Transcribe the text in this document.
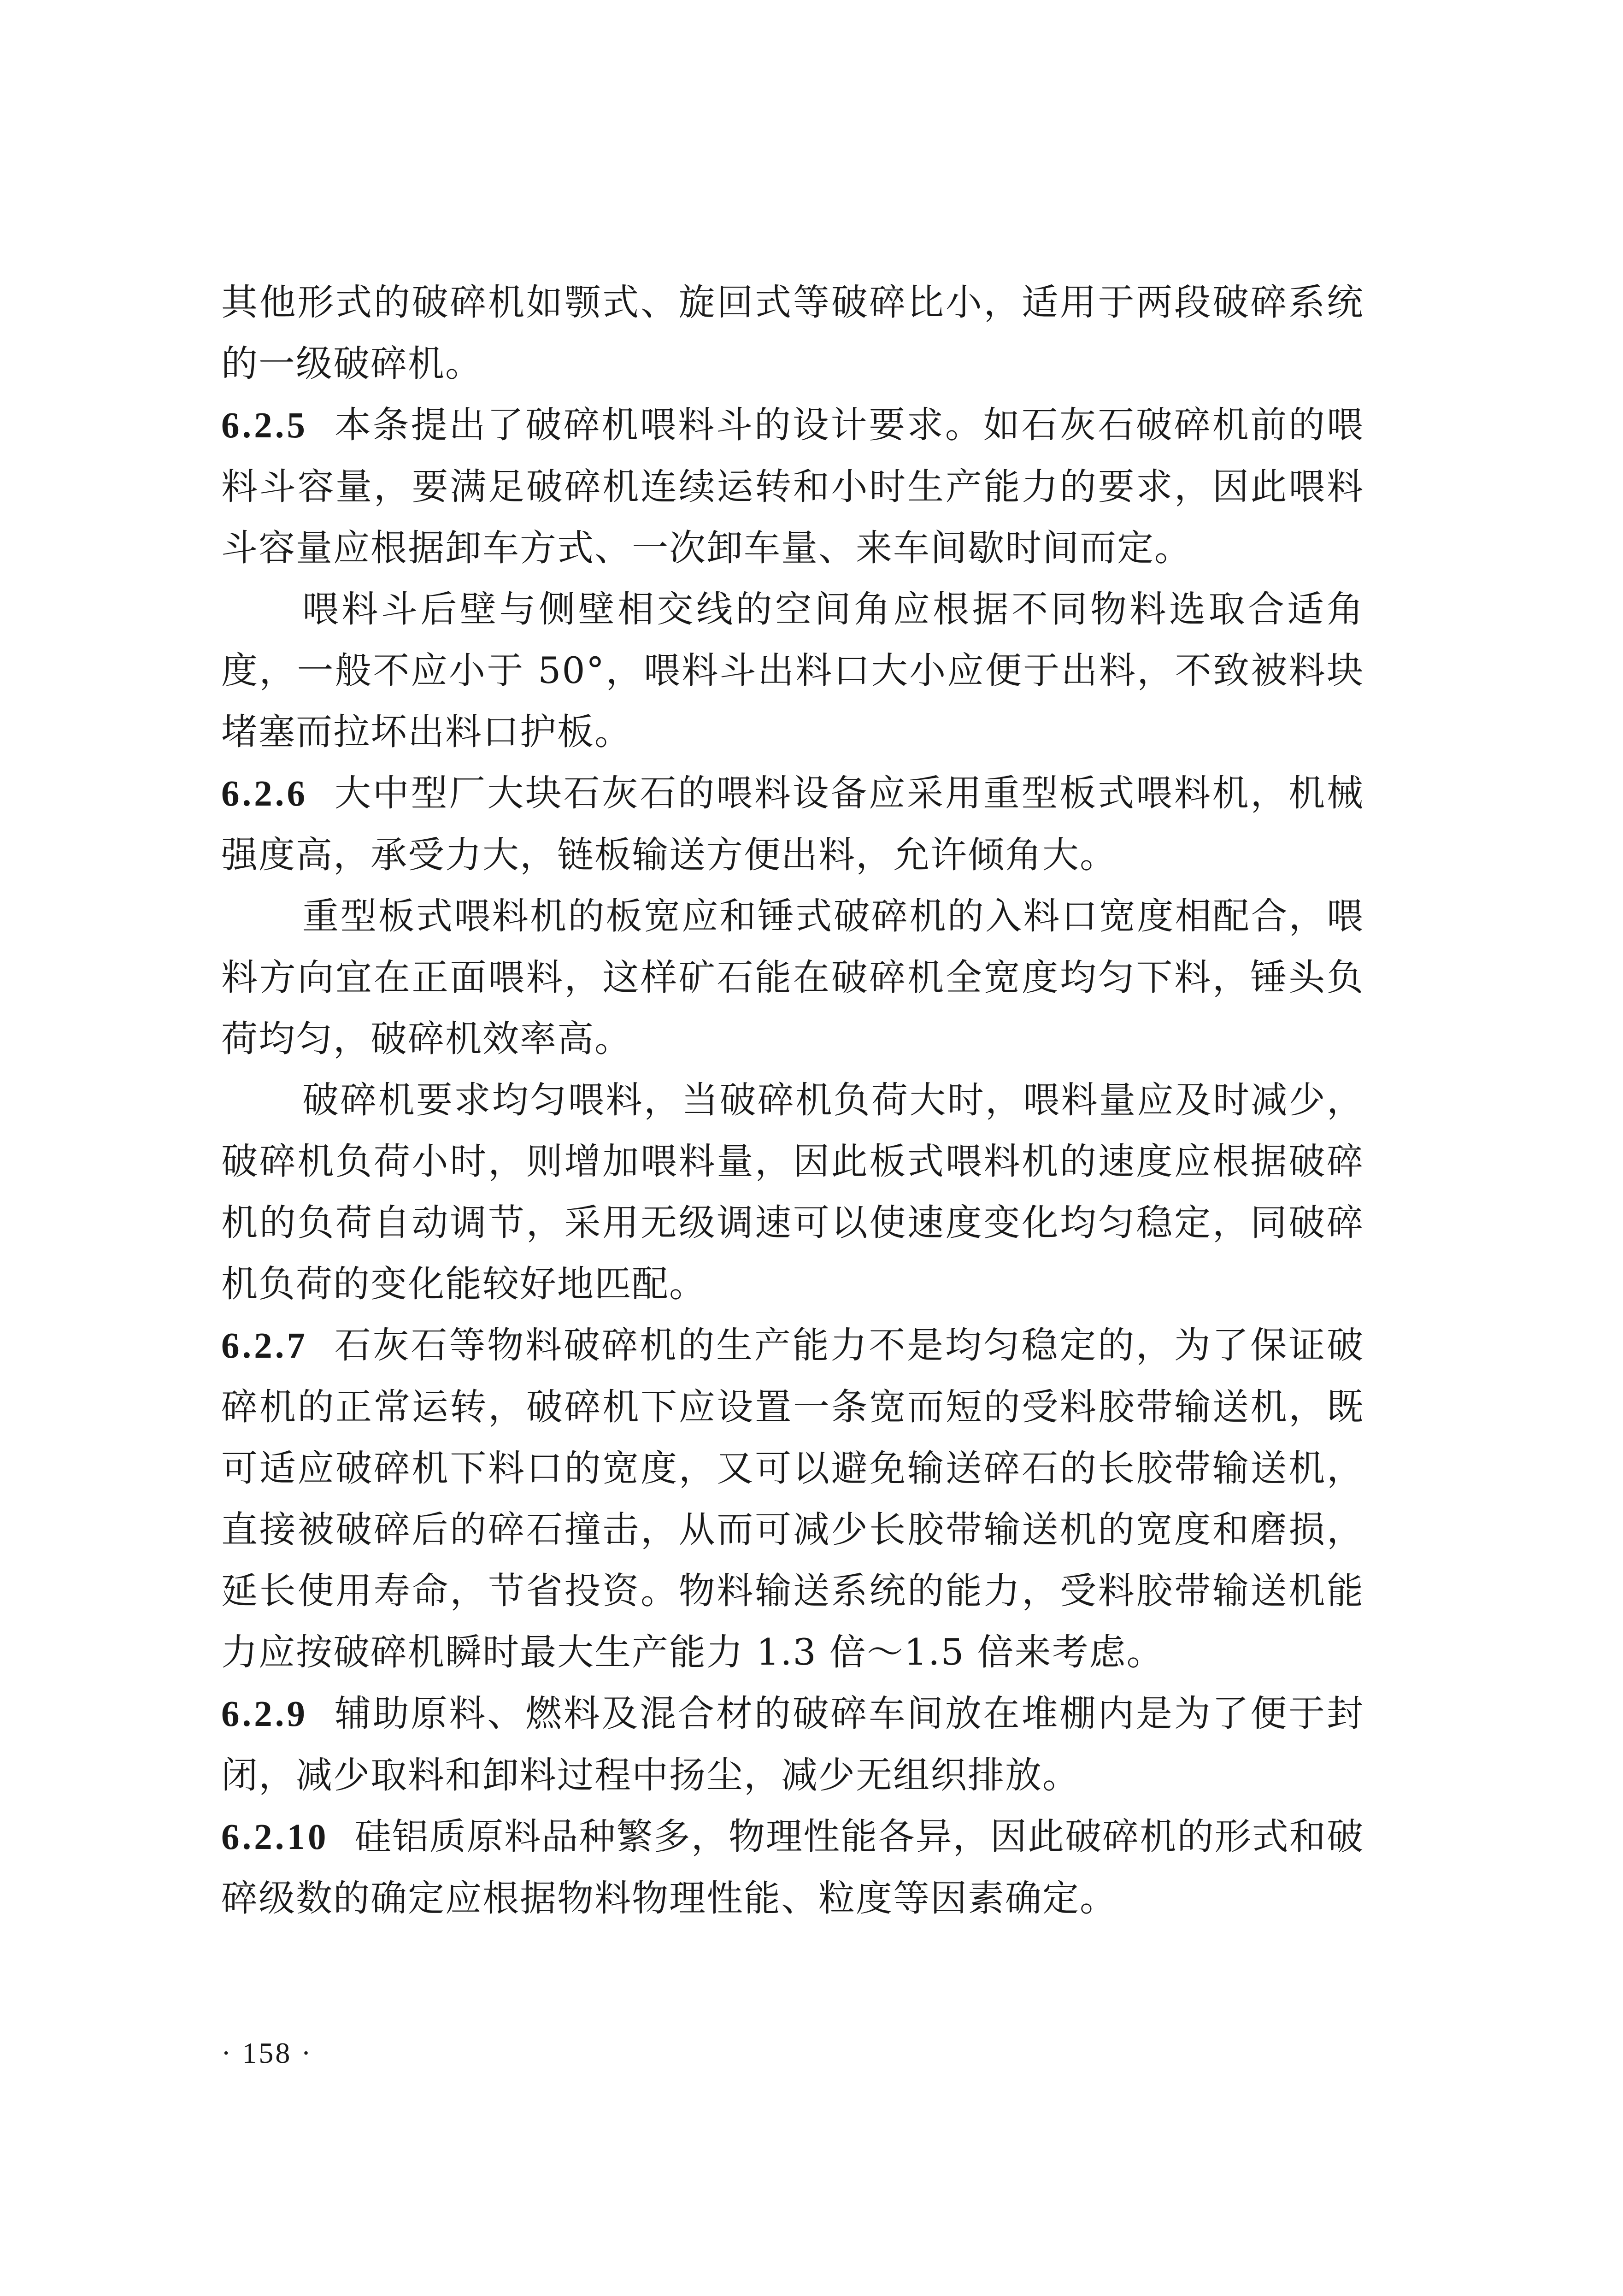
其他形式的破碎机如颚式、旋回式等破碎比小，适用于两段破碎系统的一级破碎机。

6.2.5 本条提出了破碎机喂料斗的设计要求。如石灰石破碎机前的喂料斗容量，要满足破碎机连续运转和小时生产能力的要求，因此喂料斗容量应根据卸车方式、一次卸车量、来车间歇时间而定。

喂料斗后壁与侧壁相交线的空间角应根据不同物料选取合适角度，一般不应小于 50°，喂料斗出料口大小应便于出料，不致被料块堵塞而拉坏出料口护板。

6.2.6 大中型厂大块石灰石的喂料设备应采用重型板式喂料机，机械强度高，承受力大，链板输送方便出料，允许倾角大。

重型板式喂料机的板宽应和锤式破碎机的入料口宽度相配合，喂料方向宜在正面喂料，这样矿石能在破碎机全宽度均匀下料，锤头负荷均匀，破碎机效率高。

破碎机要求均匀喂料，当破碎机负荷大时，喂料量应及时减少，破碎机负荷小时，则增加喂料量，因此板式喂料机的速度应根据破碎机的负荷自动调节，采用无级调速可以使速度变化均匀稳定，同破碎机负荷的变化能较好地匹配。

6.2.7 石灰石等物料破碎机的生产能力不是均匀稳定的，为了保证破碎机的正常运转，破碎机下应设置一条宽而短的受料胶带输送机，既可适应破碎机下料口的宽度，又可以避免输送碎石的长胶带输送机，直接被破碎后的碎石撞击，从而可减少长胶带输送机的宽度和磨损，延长使用寿命，节省投资。物料输送系统的能力，受料胶带输送机能力应按破碎机瞬时最大生产能力 1.3 倍～1.5 倍来考虑。

6.2.9 辅助原料、燃料及混合材的破碎车间放在堆棚内是为了便于封闭，减少取料和卸料过程中扬尘，减少无组织排放。

6.2.10 硅铝质原料品种繁多，物理性能各异，因此破碎机的形式和破碎级数的确定应根据物料物理性能、粒度等因素确定。

· 158 ·
